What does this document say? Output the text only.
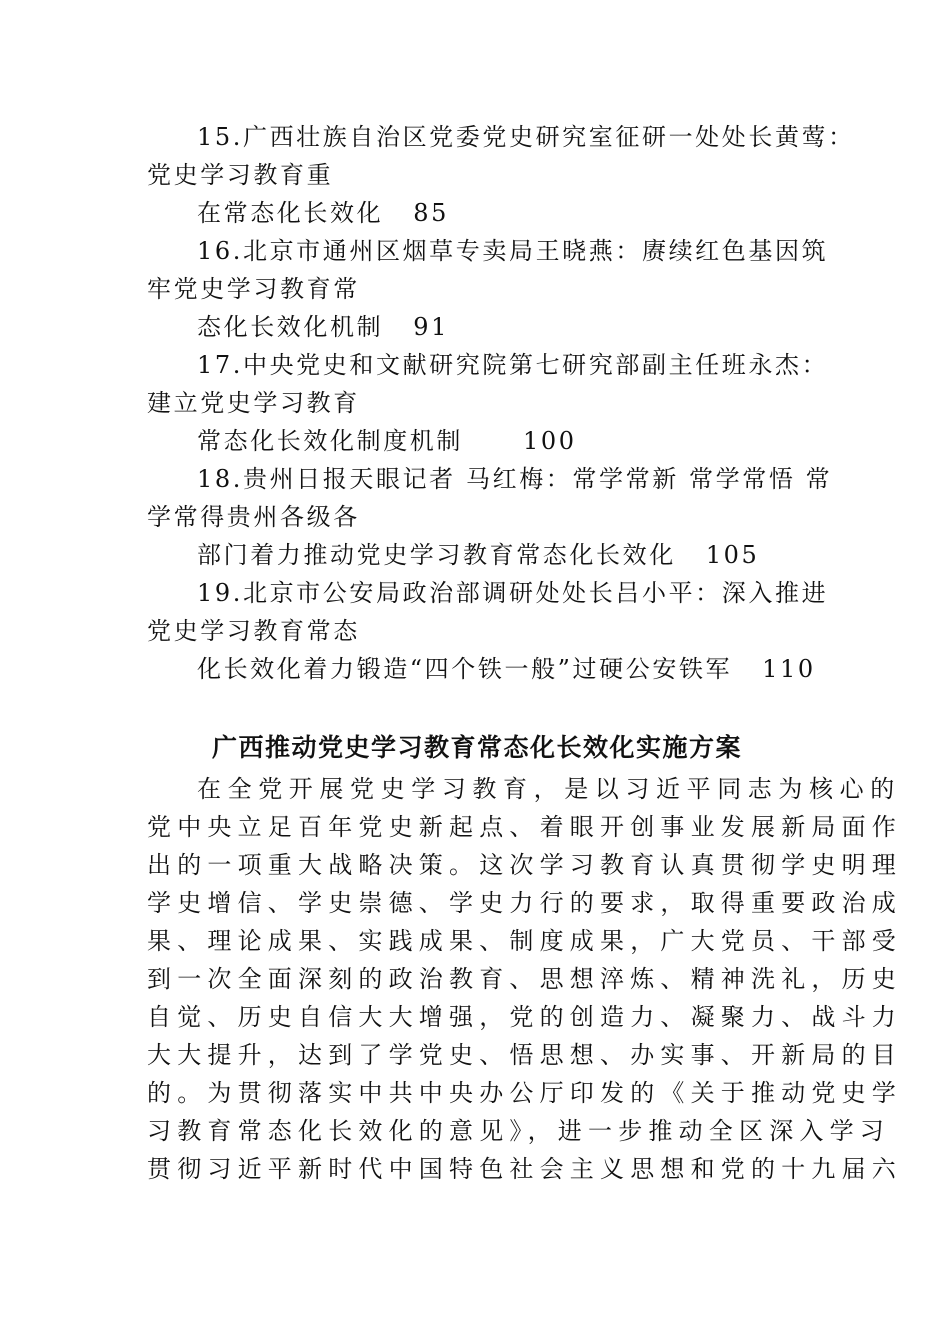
15.广西壮族自治区党委党史研究室征研一处处长黄莺：
党史学习教育重
在常态化长效化 85
16.北京市通州区烟草专卖局王晓燕：赓续红色基因筑
牢党史学习教育常
态化长效化机制 91
17.中央党史和文献研究院第七研究部副主任班永杰：
建立党史学习教育
常态化长效化制度机制	100
18.贵州日报天眼记者 马红梅：常学常新 常学常悟 常
学常得贵州各级各
部门着力推动党史学习教育常态化长效化 105
19.北京市公安局政治部调研处处长吕小平：深入推进
党史学习教育常态
化长效化着力锻造“四个铁一般”过硬公安铁军 110
广西推动党史学习教育常态化长效化实施方案
在全党开展党史学习教育，是以习近平同志为核心的
党中央立足百年党史新起点、着眼开创事业发展新局面作
出的一项重大战略决策。这次学习教育认真贯彻学史明理
学史增信、学史崇德、学史力行的要求，取得重要政治成
果、理论成果、实践成果、制度成果，广大党员、干部受
到一次全面深刻的政治教育、思想淬炼、精神洗礼，历史
自觉、历史自信大大增强，党的创造力、凝聚力、战斗力
大大提升，达到了学党史、悟思想、办实事、开新局的目
的。为贯彻落实中共中央办公厅印发的《关于推动党史学
习教育常态化长效化的意见》，进一步推动全区深入学习
贯彻习近平新时代中国特色社会主义思想和党的十九届六
